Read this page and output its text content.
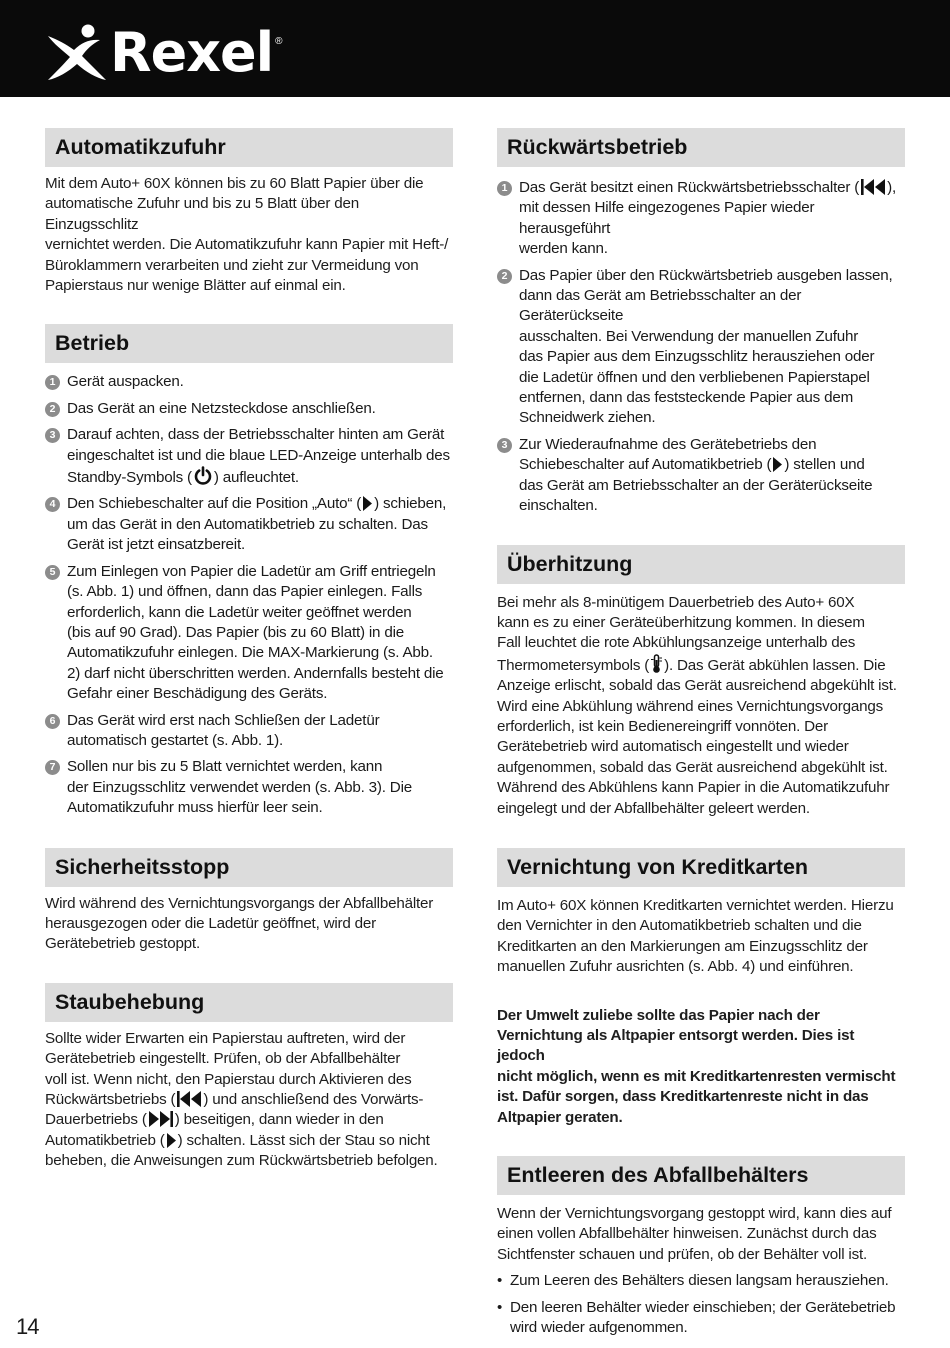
Rexel ®
Automatikzufuhr

Mit dem Auto+ 60X können bis zu 60 Blatt Papier über die

automatische Zufuhr und bis zu 5 Blatt über den Einzugsschlitz

vernichtet werden. Die Automatikzufuhr kann Papier mit Heft-/

Büroklammern verarbeiten und zieht zur Vermeidung von

Papierstaus nur wenige Blätter auf einmal ein.

Betrieb
1 Gerät auspacken.
2 Das Gerät an eine Netzsteckdose anschließen.
3 Darauf achten, dass der Betriebsschalter hinten am Gerät
eingeschaltet ist und die blaue LED-Anzeige unterhalb des
Standby-Symbols ( ) aufleuchtet.
4 Den Schiebeschalter auf die Position „Auto“ ( ) schieben,
um das Gerät in den Automatikbetrieb zu schalten. Das
Gerät ist jetzt einsatzbereit.
5 Zum Einlegen von Papier die Ladetür am Griff entriegeln
(s. Abb. 1) und öffnen, dann das Papier einlegen. Falls
erforderlich, kann die Ladetür weiter geöffnet werden
(bis auf 90 Grad). Das Papier (bis zu 60 Blatt) in die
Automatikzufuhr einlegen. Die MAX-Markierung (s. Abb.
2) darf nicht überschritten werden. Andernfalls besteht die
Gefahr einer Beschädigung des Geräts.
6 Das Gerät wird erst nach Schließen der Ladetür
automatisch gestartet (s. Abb. 1).
7 Sollen nur bis zu 5 Blatt vernichtet werden, kann
der Einzugsschlitz verwendet werden (s. Abb. 3). Die
Automatikzufuhr muss hierfür leer sein.
Sicherheitsstopp

Wird während des Vernichtungsvorgangs der Abfallbehälter

herausgezogen oder die Ladetür geöffnet, wird der

Gerätebetrieb gestoppt.

Staubehebung

Sollte wider Erwarten ein Papierstau auftreten, wird der

Gerätebetrieb eingestellt. Prüfen, ob der Abfallbehälter

voll ist. Wenn nicht, den Papierstau durch Aktivieren des

Rückwärtsbetriebs ( ) und anschließend des Vorwärts-

Dauerbetriebs ( ) beseitigen, dann wieder in den

Automatikbetrieb ( ) schalten. Lässt sich der Stau so nicht

beheben, die Anweisungen zum Rückwärtsbetrieb befolgen.

Rückwärtsbetrieb
1 Das Gerät besitzt einen Rückwärtsbetriebsschalter ( ),
mit dessen Hilfe eingezogenes Papier wieder herausgeführt
werden kann.
2 Das Papier über den Rückwärtsbetrieb ausgeben lassen,
dann das Gerät am Betriebsschalter an der Geräterückseite
ausschalten. Bei Verwendung der manuellen Zufuhr
das Papier aus dem Einzugsschlitz herausziehen oder
die Ladetür öffnen und den verbliebenen Papierstapel
entfernen, dann das feststeckende Papier aus dem
Schneidwerk ziehen.
3 Zur Wiederaufnahme des Gerätebetriebs den
Schiebeschalter auf Automatikbetrieb ( ) stellen und
das Gerät am Betriebsschalter an der Geräterückseite
einschalten.
Überhitzung

Bei mehr als 8-minütigem Dauerbetrieb des Auto+ 60X

kann es zu einer Geräteüberhitzung kommen. In diesem

Fall leuchtet die rote Abkühlungsanzeige unterhalb des

Thermometersymbols ( ). Das Gerät abkühlen lassen. Die

Anzeige erlischt, sobald das Gerät ausreichend abgekühlt ist.

Wird eine Abkühlung während eines Vernichtungsvorgangs

erforderlich, ist kein Bedienereingriff vonnöten. Der

Gerätebetrieb wird automatisch eingestellt und wieder

aufgenommen, sobald das Gerät ausreichend abgekühlt ist.

Während des Abkühlens kann Papier in die Automatikzufuhr

eingelegt und der Abfallbehälter geleert werden.

Vernichtung von Kreditkarten

Im Auto+ 60X können Kreditkarten vernichtet werden. Hierzu

den Vernichter in den Automatikbetrieb schalten und die

Kreditkarten an den Markierungen am Einzugsschlitz der

manuellen Zufuhr ausrichten (s. Abb. 4) und einführen.

Der Umwelt zuliebe sollte das Papier nach der

Vernichtung als Altpapier entsorgt werden. Dies ist jedoch

nicht möglich, wenn es mit Kreditkartenresten vermischt

ist. Dafür sorgen, dass Kreditkartenreste nicht in das

Altpapier geraten.

Entleeren des Abfallbehälters

Wenn der Vernichtungsvorgang gestoppt wird, kann dies auf

einen vollen Abfallbehälter hinweisen. Zunächst durch das

Sichtfenster schauen und prüfen, ob der Behälter voll ist.

• Zum Leeren des Behälters diesen langsam herausziehen.
• Den leeren Behälter wieder einschieben; der Gerätebetrieb
wird wieder aufgenommen.
14
